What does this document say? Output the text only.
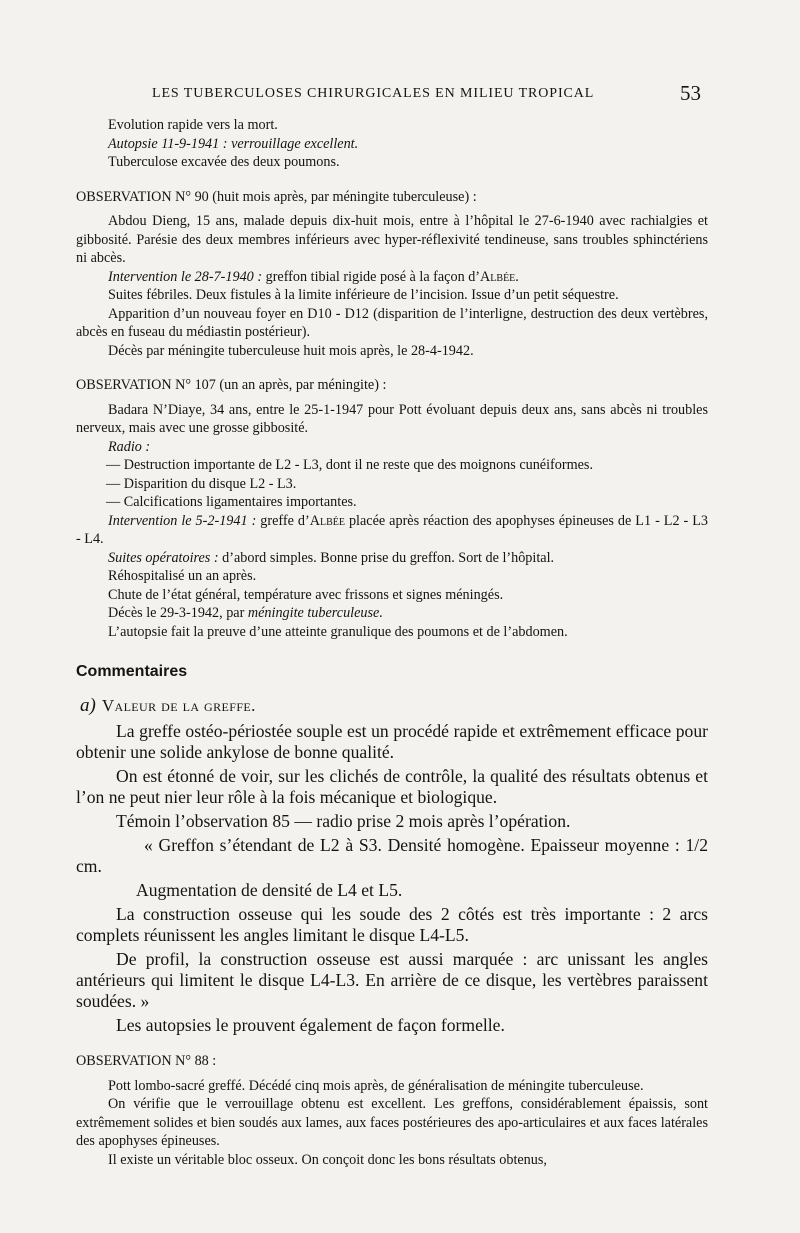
LES TUBERCULOSES CHIRURGICALES EN MILIEU TROPICAL	53

Evolution rapide vers la mort.

Autopsie 11-9-1941 : verrouillage excellent.

Tuberculose excavée des deux poumons.

OBSERVATION N° 90 (huit mois après, par méningite tuberculeuse) :

Abdou Dieng, 15 ans, malade depuis dix-huit mois, entre à l’hôpital le 27-6-1940 avec rachialgies et gibbosité. Parésie des deux membres inférieurs avec hyper-réflexivité tendineuse, sans troubles sphinctériens ni abcès.

Intervention le 28-7-1940 : greffon tibial rigide posé à la façon d’Albée.

Suites fébriles. Deux fistules à la limite inférieure de l’incision. Issue d’un petit séquestre.

Apparition d’un nouveau foyer en D10 - D12 (disparition de l’interligne, destruction des deux vertèbres, abcès en fuseau du médiastin postérieur).

Décès par méningite tuberculeuse huit mois après, le 28-4-1942.

OBSERVATION N° 107 (un an après, par méningite) :

Badara N’Diaye, 34 ans, entre le 25-1-1947 pour Pott évoluant depuis deux ans, sans abcès ni troubles nerveux, mais avec une grosse gibbosité.

Radio :

— Destruction importante de L2 - L3, dont il ne reste que des moignons cunéiformes.

— Disparition du disque L2 - L3.

— Calcifications ligamentaires importantes.

Intervention le 5-2-1941 : greffe d’Albée placée après réaction des apophyses épineuses de L1 - L2 - L3 - L4.

Suites opératoires : d’abord simples. Bonne prise du greffon. Sort de l’hôpital.

Réhospitalisé un an après.

Chute de l’état général, température avec frissons et signes méningés.

Décès le 29-3-1942, par méningite tuberculeuse.

L’autopsie fait la preuve d’une atteinte granulique des poumons et de l’abdomen.

Commentaires

a) Valeur de la greffe.

La greffe ostéo-périostée souple est un procédé rapide et extrêmement efficace pour obtenir une solide ankylose de bonne qualité.

On est étonné de voir, sur les clichés de contrôle, la qualité des résultats obtenus et l’on ne peut nier leur rôle à la fois mécanique et biologique.

Témoin l’observation 85 — radio prise 2 mois après l’opération.

« Greffon s’étendant de L2 à S3. Densité homogène. Epaisseur moyenne : 1/2 cm.

Augmentation de densité de L4 et L5.

La construction osseuse qui les soude des 2 côtés est très importante : 2 arcs complets réunissent les angles limitant le disque L4-L5.

De profil, la construction osseuse est aussi marquée : arc unissant les angles antérieurs qui limitent le disque L4-L3. En arrière de ce disque, les vertèbres paraissent soudées. »

Les autopsies le prouvent également de façon formelle.

OBSERVATION N° 88 :

Pott lombo-sacré greffé. Décédé cinq mois après, de généralisation de méningite tuberculeuse.

On vérifie que le verrouillage obtenu est excellent. Les greffons, considérablement épaissis, sont extrêmement solides et bien soudés aux lames, aux faces postérieures des apo-articulaires et aux faces latérales des apophyses épineuses.

Il existe un véritable bloc osseux. On conçoit donc les bons résultats obtenus,
